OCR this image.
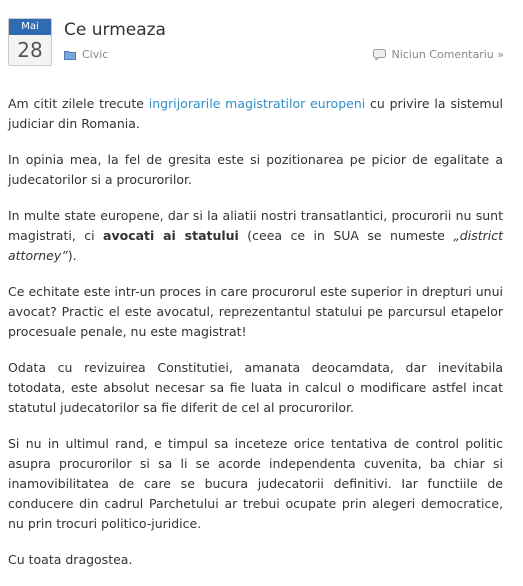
Mai
28
Ce urmeaza
Civic	Niciun Comentariu »

Am citit zilele trecute ingrijorarile magistratilor europeni cu privire la sistemul judiciar din Romania.

In opinia mea, la fel de gresita este si pozitionarea pe picior de egalitate a judecatorilor si a procurorilor.

In multe state europene, dar si la aliatii nostri transatlantici, procurorii nu sunt magistrati, ci avocati ai statului (ceea ce in SUA se numeste „district attorney”).

Ce echitate este intr-un proces in care procurorul este superior in drepturi unui avocat? Practic el este avocatul, reprezentantul statului pe parcursul etapelor procesuale penale, nu este magistrat!

Odata cu revizuirea Constitutiei, amanata deocamdata, dar inevitabila totodata, este absolut necesar sa fie luata in calcul o modificare astfel incat statutul judecatorilor sa fie diferit de cel al procurorilor.

Si nu in ultimul rand, e timpul sa inceteze orice tentativa de control politic asupra procurorilor si sa li se acorde independenta cuvenita, ba chiar si inamovibilitatea de care se bucura judecatorii definitivi. Iar functiile de conducere din cadrul Parchetului ar trebui ocupate prin alegeri democratice, nu prin trocuri politico-juridice.

Cu toata dragostea.
